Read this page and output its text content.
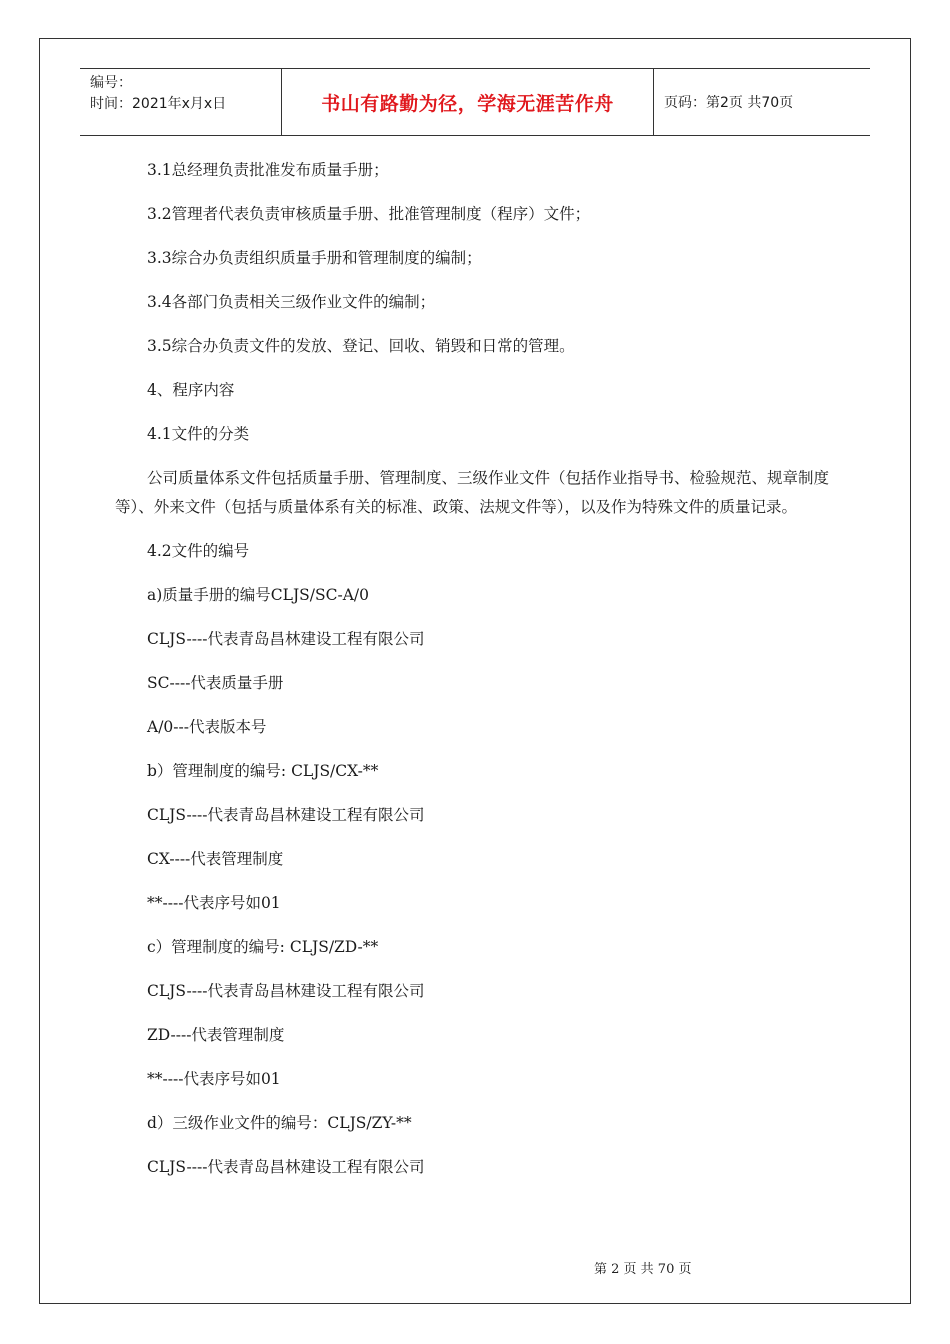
编号：
时间：2021年x月x日	书山有路勤为径，学海无涯苦作舟	页码：第2页 共70页

3.1总经理负责批准发布质量手册；

3.2管理者代表负责审核质量手册、批准管理制度（程序）文件；

3.3综合办负责组织质量手册和管理制度的编制；

3.4各部门负责相关三级作业文件的编制；

3.5综合办负责文件的发放、登记、回收、销毁和日常的管理。

4、程序内容

4.1文件的分类

公司质量体系文件包括质量手册、管理制度、三级作业文件（包括作业指导书、检验规范、规章制度等）、外来文件（包括与质量体系有关的标准、政策、法规文件等），以及作为特殊文件的质量记录。

4.2文件的编号

a)质量手册的编号CLJS/SC-A/0

CLJS----代表青岛昌林建设工程有限公司

SC----代表质量手册

A/0---代表版本号

b）管理制度的编号: CLJS/CX-**

CLJS----代表青岛昌林建设工程有限公司

CX----代表管理制度

**----代表序号如01

c）管理制度的编号: CLJS/ZD-**

CLJS----代表青岛昌林建设工程有限公司

ZD----代表管理制度

**----代表序号如01

d）三级作业文件的编号：CLJS/ZY-**

CLJS----代表青岛昌林建设工程有限公司

第 2 页 共 70 页
